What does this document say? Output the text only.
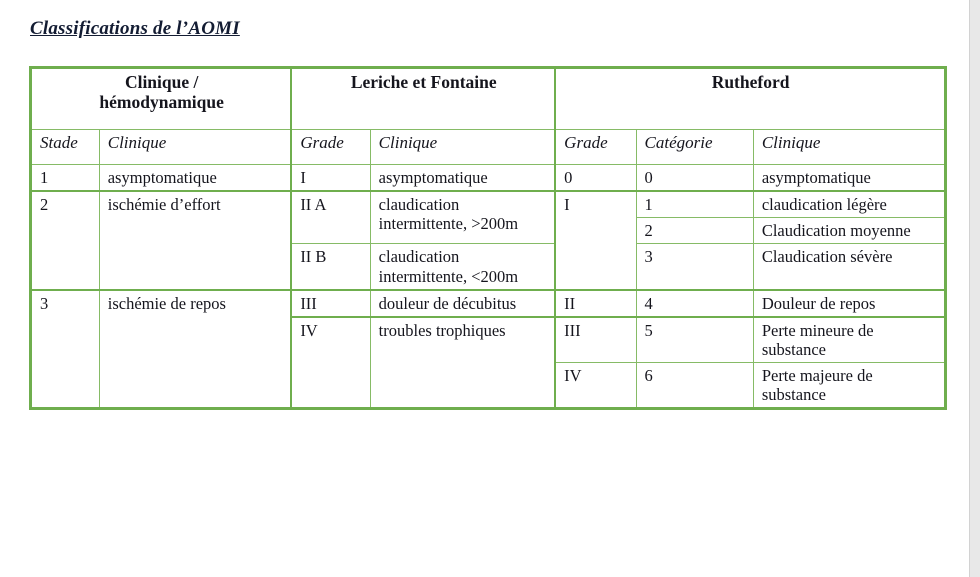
Classifications de l’AOMI
Clinique /
hémodynamique		Leriche et Fontaine		Rutheford		
Stade	Clinique	Grade	Clinique	Grade	Catégorie	Clinique
1	asymptomatique	I	asymptomatique	0	0	asymptomatique
2	ischémie d’effort	II A	claudication intermittente, >200m	I	1	claudication légère
					2	Claudication moyenne
		II B	claudication intermittente, <200m		3	Claudication sévère
3	ischémie de repos	III	douleur de décubitus	II	4	Douleur de repos
		IV	troubles trophiques	III	5	Perte mineure de substance
				IV	6	Perte majeure de substance
